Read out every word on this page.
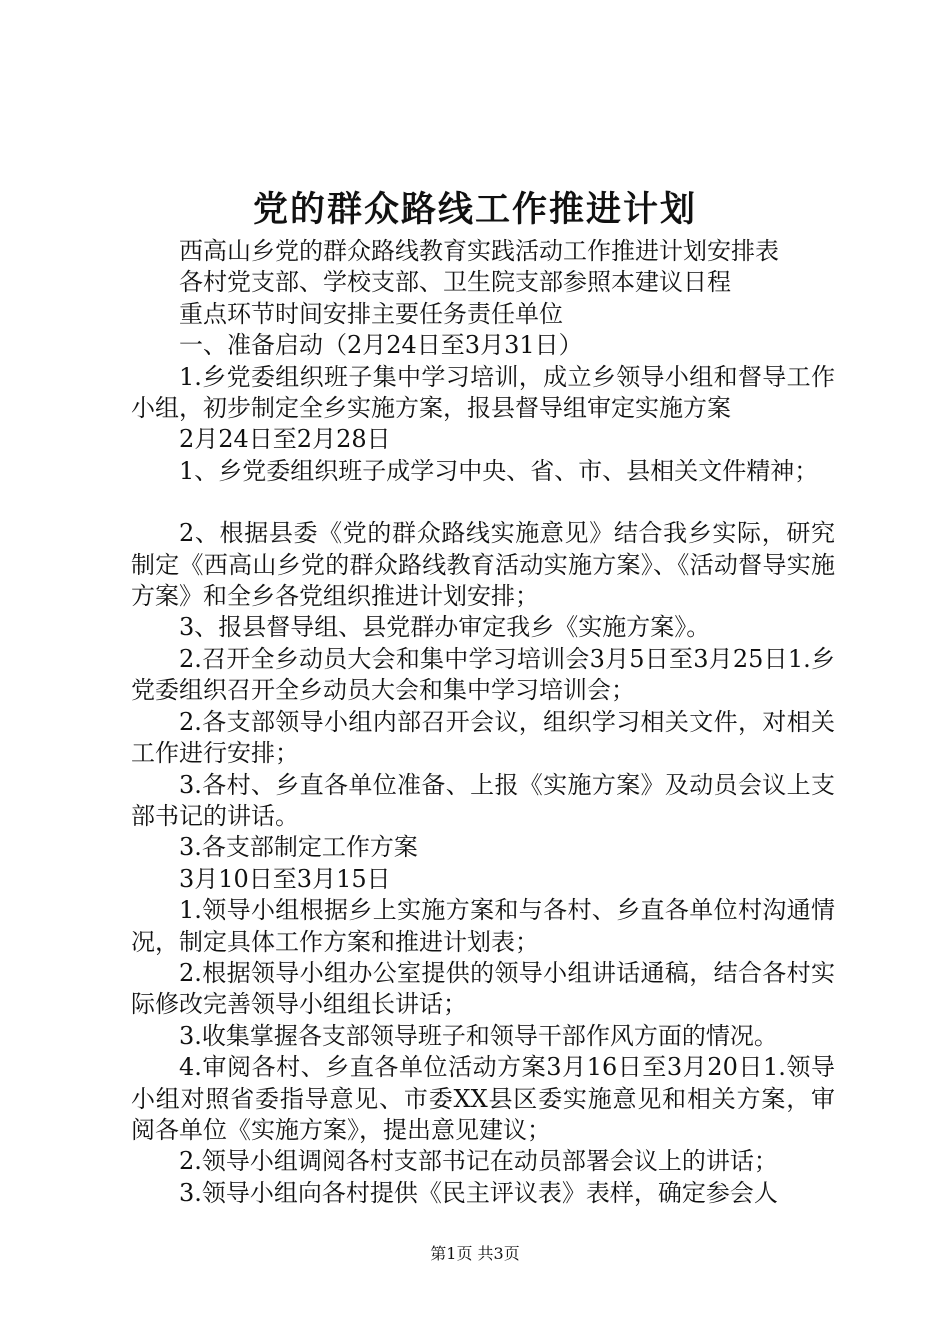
党的群众路线工作推进计划

西高山乡党的群众路线教育实践活动工作推进计划安排表

各村党支部、学校支部、卫生院支部参照本建议日程

重点环节时间安排主要任务责任单位

一、准备启动（2月24日至3月31日）

1.乡党委组织班子集中学习培训，成立乡领导小组和督导工作小组，初步制定全乡实施方案，报县督导组审定实施方案

2月24日至2月28日

1、乡党委组织班子成学习中央、省、市、县相关文件精神；

2、根据县委《党的群众路线实施意见》结合我乡实际，研究制定《西高山乡党的群众路线教育活动实施方案》、《活动督导实施方案》和全乡各党组织推进计划安排；

3、报县督导组、县党群办审定我乡《实施方案》。

2.召开全乡动员大会和集中学习培训会3月5日至3月25日1.乡党委组织召开全乡动员大会和集中学习培训会；

2.各支部领导小组内部召开会议，组织学习相关文件，对相关工作进行安排；

3.各村、乡直各单位准备、上报《实施方案》及动员会议上支部书记的讲话。

3.各支部制定工作方案

3月10日至3月15日

1.领导小组根据乡上实施方案和与各村、乡直各单位村沟通情况，制定具体工作方案和推进计划表；

2.根据领导小组办公室提供的领导小组讲话通稿，结合各村实际修改完善领导小组组长讲话；

3.收集掌握各支部领导班子和领导干部作风方面的情况。

4.审阅各村、乡直各单位活动方案3月16日至3月20日1.领导小组对照省委指导意见、市委XX县区委实施意见和相关方案，审阅各单位《实施方案》，提出意见建议；

2.领导小组调阅各村支部书记在动员部署会议上的讲话；

3.领导小组向各村提供《民主评议表》表样，确定参会人

第1页 共3页
